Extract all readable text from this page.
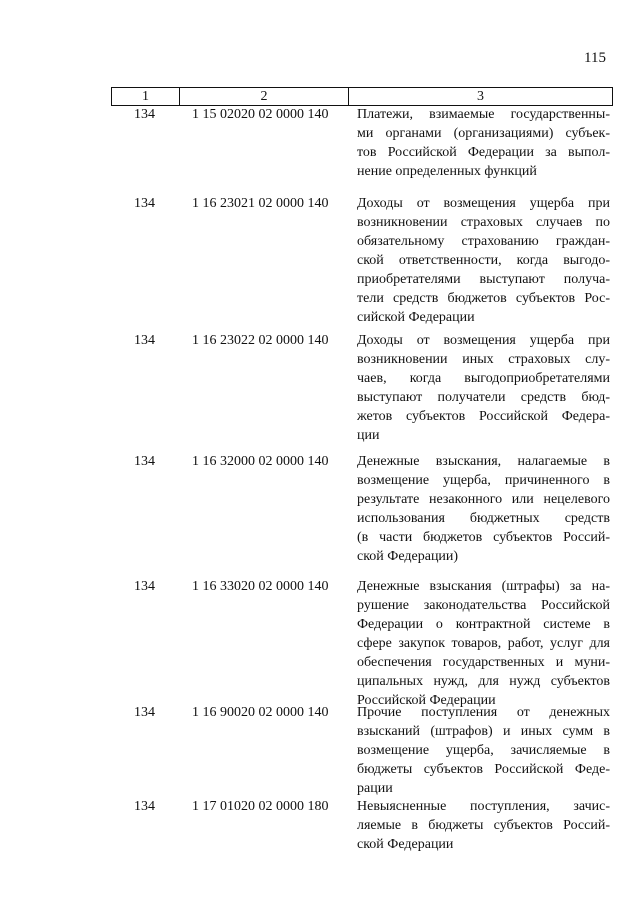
115
1	2	3
134	1 15 02020 02 0000 140	Платежи, взимаемые государственны-
ми органами (организациями) субъек-
тов Российской Федерации за выпол-
нение определенных функций
134	1 16 23021 02 0000 140	Доходы от возмещения ущерба при
возникновении страховых случаев по
обязательному страхованию граждан-
ской ответственности, когда выгодо-
приобретателями выступают получа-
тели средств бюджетов субъектов Рос-
сийской Федерации
134	1 16 23022 02 0000 140	Доходы от возмещения ущерба при
возникновении иных страховых слу-
чаев, когда выгодоприобретателями
выступают получатели средств бюд-
жетов субъектов Российской Федера-
ции
134	1 16 32000 02 0000 140	Денежные взыскания, налагаемые в
возмещение ущерба, причиненного в
результате незаконного или нецелевого
использования бюджетных средств
(в части бюджетов субъектов Россий-
ской Федерации)
134	1 16 33020 02 0000 140	Денежные взыскания (штрафы) за на-
рушение законодательства Российской
Федерации о контрактной системе в
сфере закупок товаров, работ, услуг для
обеспечения государственных и муни-
ципальных нужд, для нужд субъектов
Российской Федерации
134	1 16 90020 02 0000 140	Прочие поступления от денежных
взысканий (штрафов) и иных сумм в
возмещение ущерба, зачисляемые в
бюджеты субъектов Российской Феде-
рации
134	1 17 01020 02 0000 180	Невыясненные поступления, зачис-
ляемые в бюджеты субъектов Россий-
ской Федерации
